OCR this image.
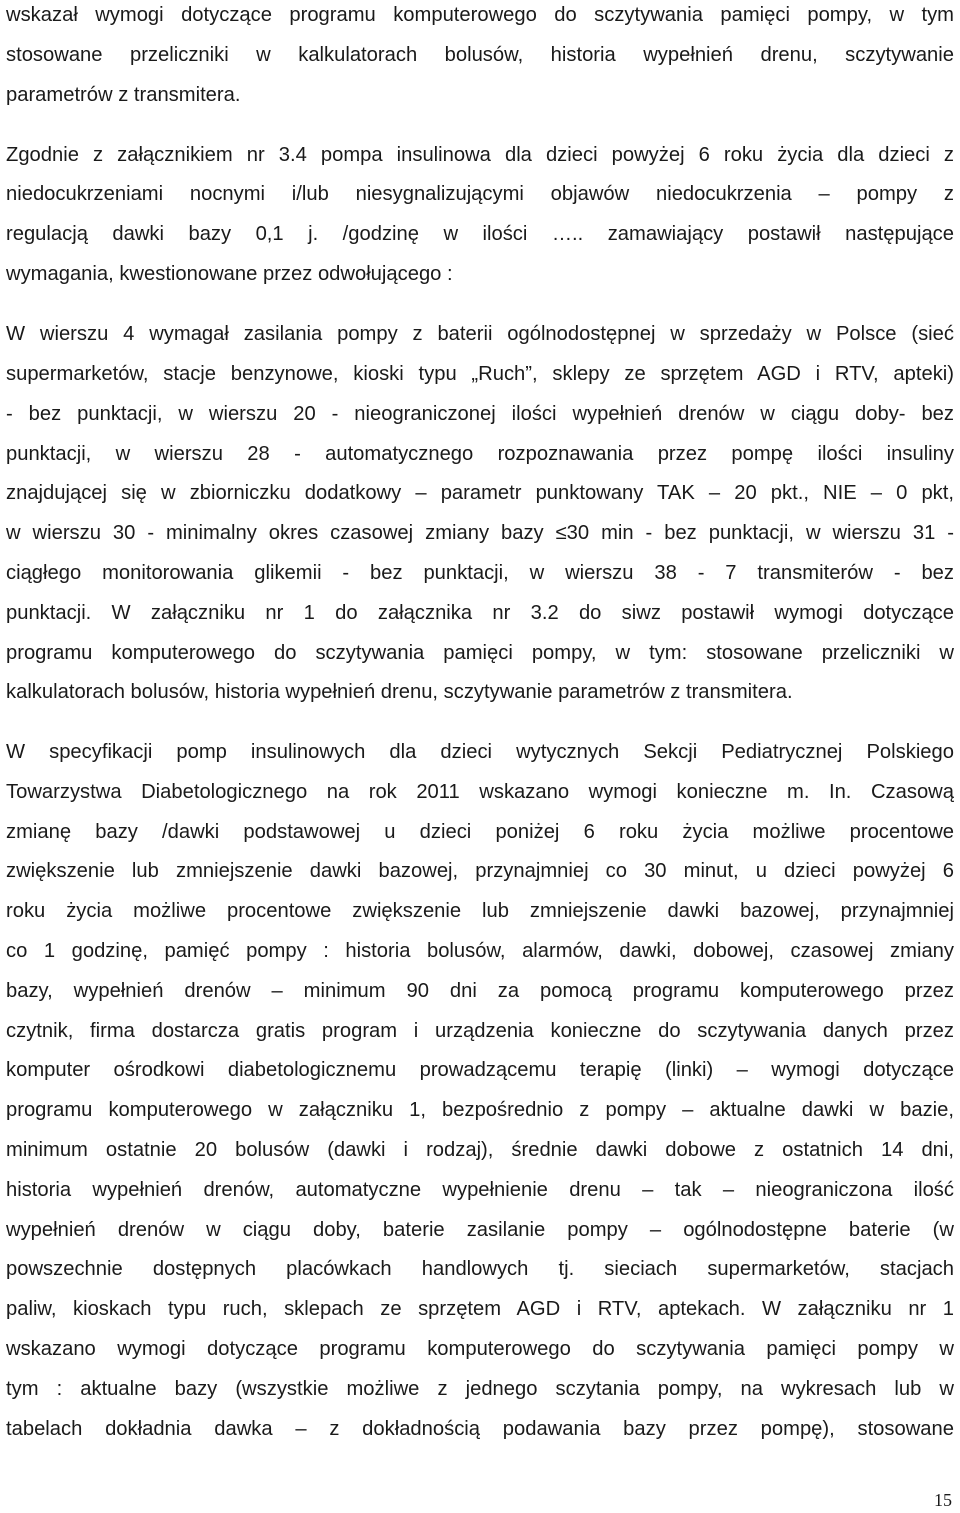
wskazał wymogi dotyczące programu komputerowego do sczytywania pamięci pompy, w tym
stosowane przeliczniki w kalkulatorach bolusów, historia wypełnień drenu, sczytywanie
parametrów z transmitera.
Zgodnie z załącznikiem nr 3.4 pompa insulinowa dla dzieci powyżej 6 roku życia dla dzieci z
niedocukrzeniami nocnymi i/lub niesygnalizującymi objawów niedocukrzenia – pompy z
regulacją dawki bazy 0,1 j. /godzinę w ilości ….. zamawiający postawił następujące
wymagania, kwestionowane przez odwołującego :
W wierszu 4 wymagał zasilania pompy z baterii ogólnodostępnej w sprzedaży w Polsce (sieć
supermarketów, stacje benzynowe, kioski typu „Ruch”, sklepy ze sprzętem AGD i RTV, apteki)
- bez punktacji, w wierszu 20 - nieograniczonej ilości wypełnień drenów w ciągu doby- bez
punktacji, w wierszu 28 - automatycznego rozpoznawania przez pompę ilości insuliny
znajdującej się w zbiorniczku dodatkowy – parametr punktowany TAK – 20 pkt., NIE – 0 pkt,
w wierszu 30 - minimalny okres czasowej zmiany bazy ≤30 min - bez punktacji, w wierszu 31 -
ciągłego monitorowania glikemii - bez punktacji, w wierszu 38 - 7 transmiterów - bez
punktacji. W załączniku nr 1 do załącznika nr 3.2 do siwz postawił wymogi dotyczące
programu komputerowego do sczytywania pamięci pompy, w tym: stosowane przeliczniki w
kalkulatorach bolusów, historia wypełnień drenu, sczytywanie parametrów z transmitera.
W specyfikacji pomp insulinowych dla dzieci wytycznych Sekcji Pediatrycznej Polskiego
Towarzystwa Diabetologicznego na rok 2011 wskazano wymogi konieczne m. In. Czasową
zmianę bazy /dawki podstawowej u dzieci poniżej 6 roku życia możliwe procentowe
zwiększenie lub zmniejszenie dawki bazowej, przynajmniej co 30 minut, u dzieci powyżej 6
roku życia możliwe procentowe zwiększenie lub zmniejszenie dawki bazowej, przynajmniej
co 1 godzinę, pamięć pompy : historia bolusów, alarmów, dawki, dobowej, czasowej zmiany
bazy, wypełnień drenów – minimum 90 dni za pomocą programu komputerowego przez
czytnik, firma dostarcza gratis program i urządzenia konieczne do sczytywania danych przez
komputer ośrodkowi diabetologicznemu prowadzącemu terapię (linki) – wymogi dotyczące
programu komputerowego w załączniku 1, bezpośrednio z pompy – aktualne dawki w bazie,
minimum ostatnie 20 bolusów (dawki i rodzaj), średnie dawki dobowe z ostatnich 14 dni,
historia wypełnień drenów, automatyczne wypełnienie drenu – tak – nieograniczona ilość
wypełnień drenów w ciągu doby, baterie zasilanie pompy – ogólnodostępne baterie (w
powszechnie dostępnych placówkach handlowych tj. sieciach supermarketów, stacjach
paliw, kioskach typu ruch, sklepach ze sprzętem AGD i RTV, aptekach. W załączniku nr 1
wskazano wymogi dotyczące programu komputerowego do sczytywania pamięci pompy w
tym : aktualne bazy (wszystkie możliwe z jednego sczytania pompy, na wykresach lub w
tabelach dokładnia dawka – z dokładnością podawania bazy przez pompę), stosowane
15
